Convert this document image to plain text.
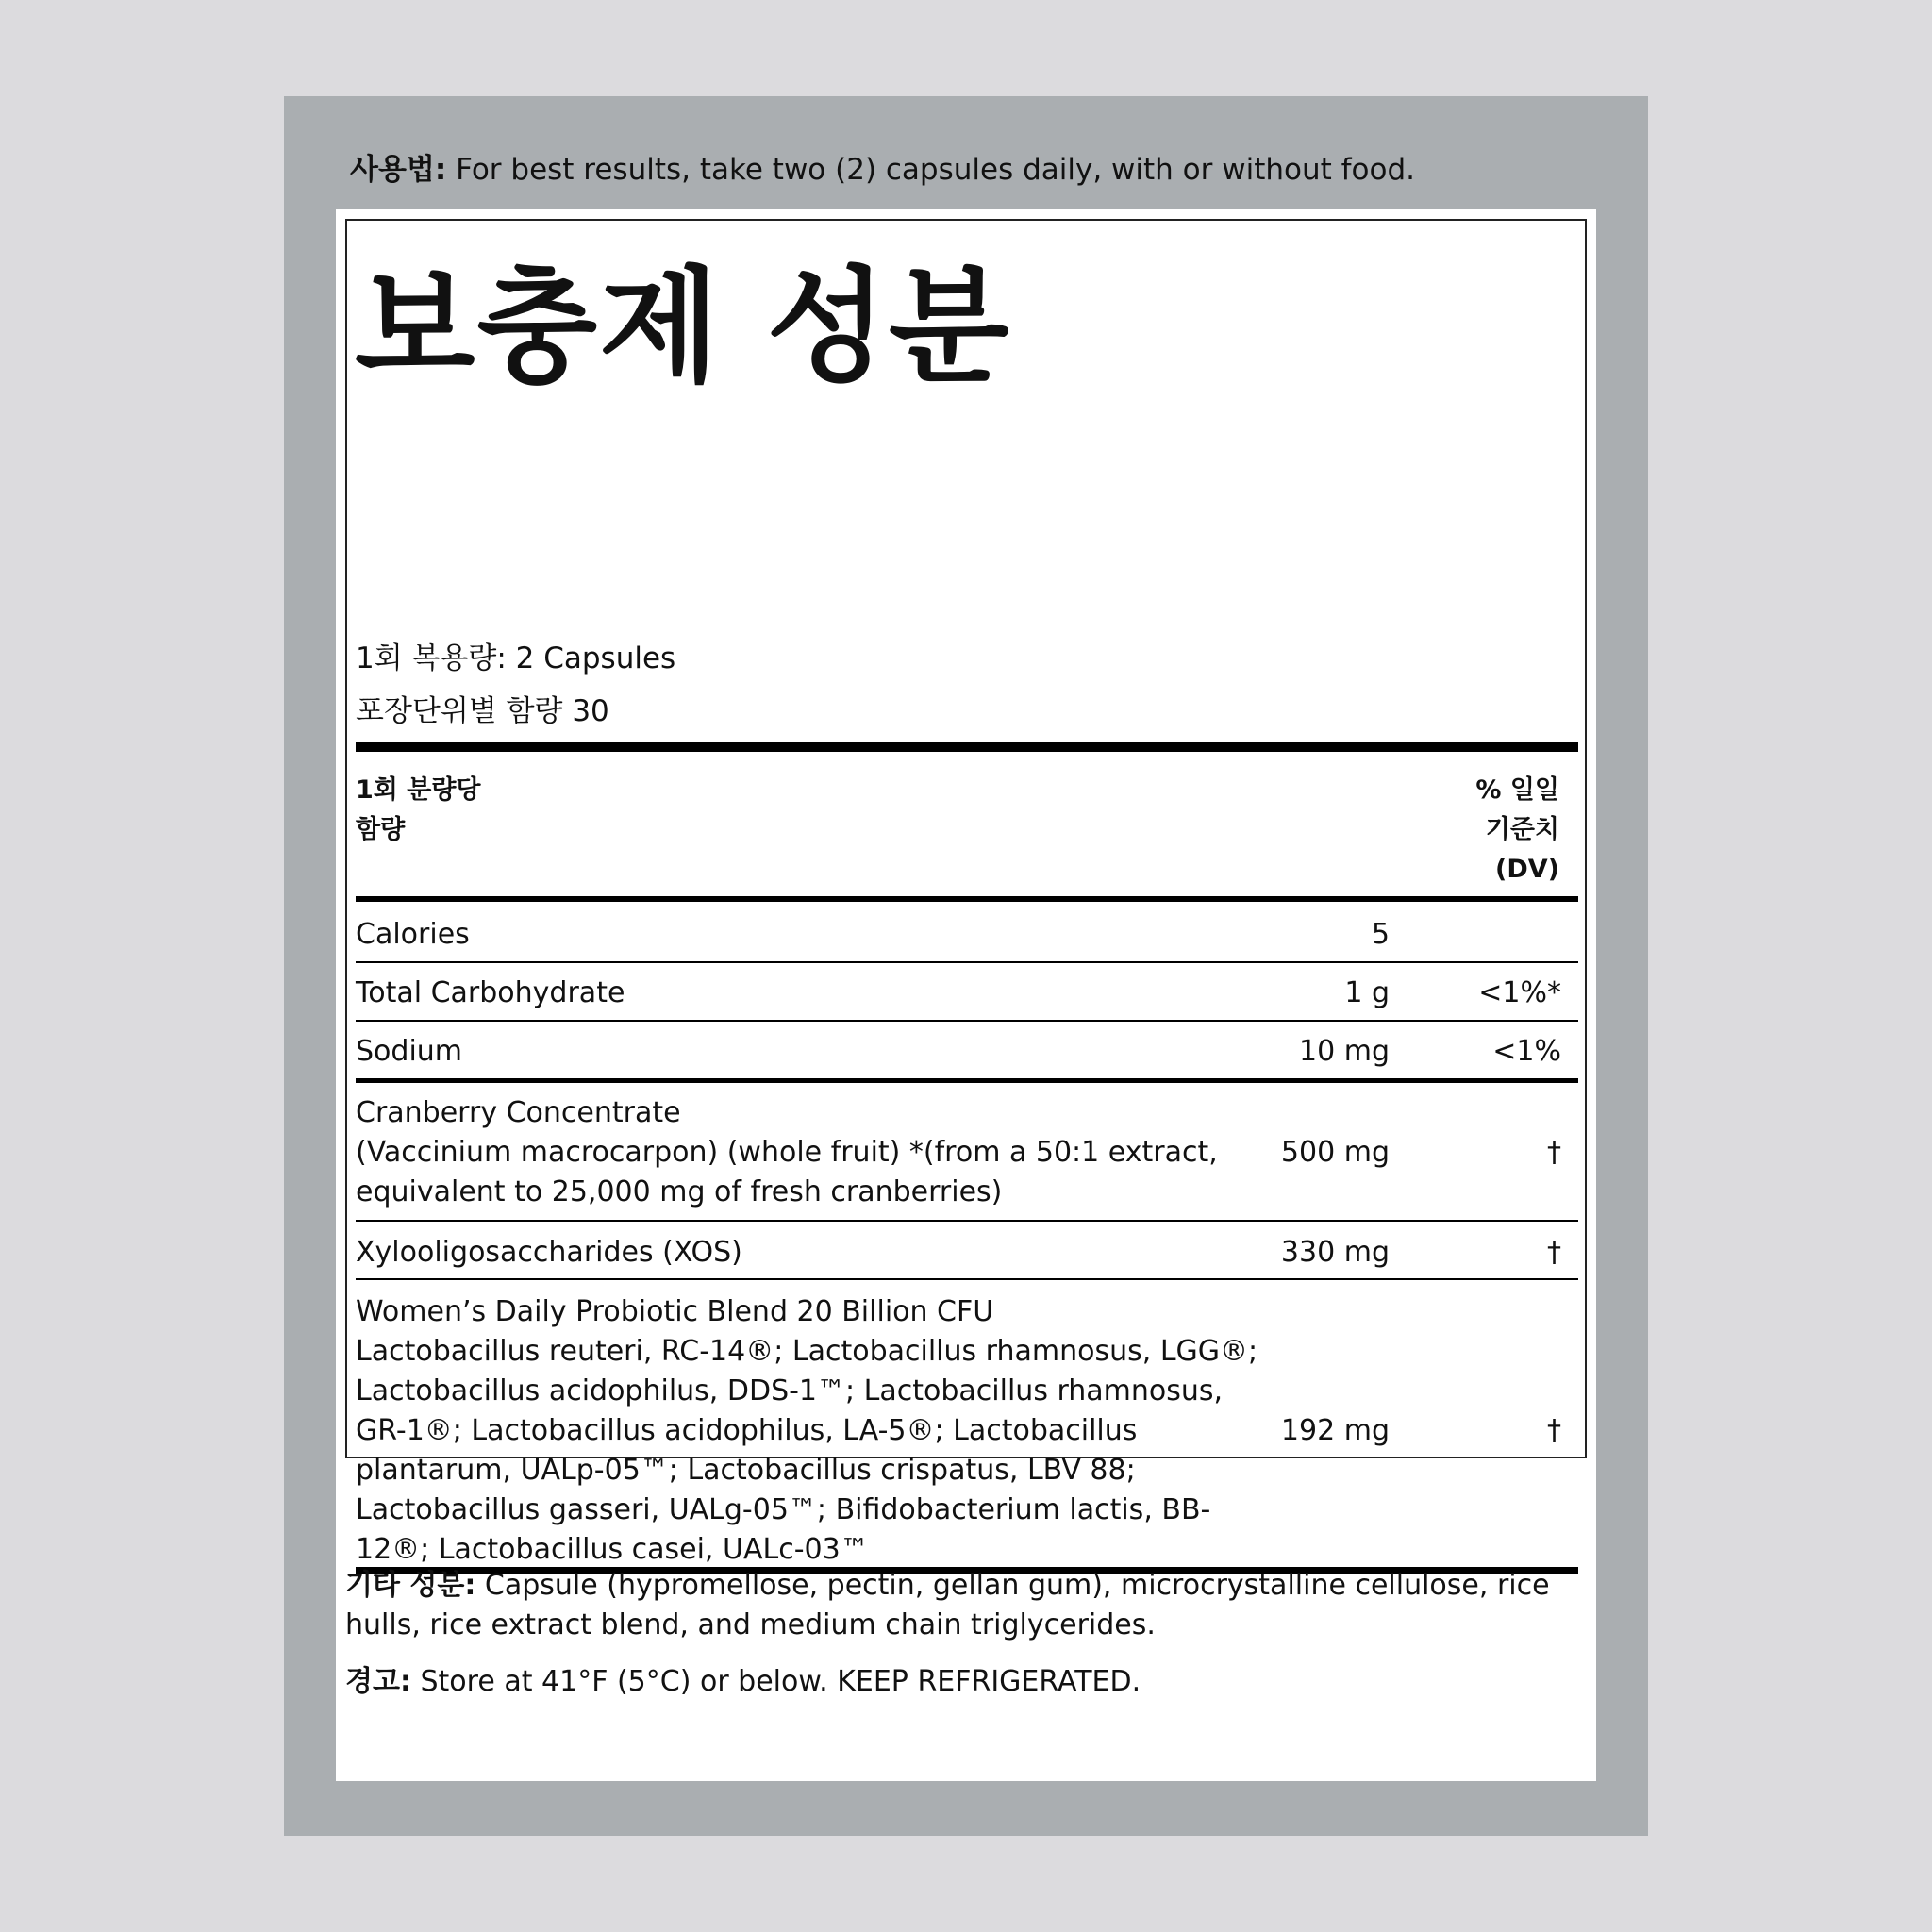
사용법: For best results, take two (2) capsules daily, with or without food.
보충제 성분
1회 복용량: 2 Capsules
포장단위별 함량 30
1회 분량당
함량
% 일일
기준치
(DV)
Calories	5
Total Carbohydrate	1 g	<1%*
Sodium	10 mg	<1%
Cranberry Concentrate
(Vaccinium macrocarpon) (whole fruit) *(from a 50:1 extract,
equivalent to 25,000 mg of fresh cranberries)
500 mg	†
Xylooligosaccharides (XOS)	330 mg	†
Women’s Daily Probiotic Blend 20 Billion CFU
Lactobacillus reuteri, RC-14®; Lactobacillus rhamnosus, LGG®;
Lactobacillus acidophilus, DDS-1™; Lactobacillus rhamnosus,
GR-1®; Lactobacillus acidophilus, LA-5®; Lactobacillus
plantarum, UALp-05™; Lactobacillus crispatus, LBV 88;
Lactobacillus gasseri, UALg-05™; Bifidobacterium lactis, BB-
12®; Lactobacillus casei, UALc-03™
192 mg	†
기타 성분: Capsule (hypromellose, pectin, gellan gum), microcrystalline cellulose, rice hulls, rice extract blend, and medium chain triglycerides.
경고: Store at 41°F (5°C) or below. KEEP REFRIGERATED.
